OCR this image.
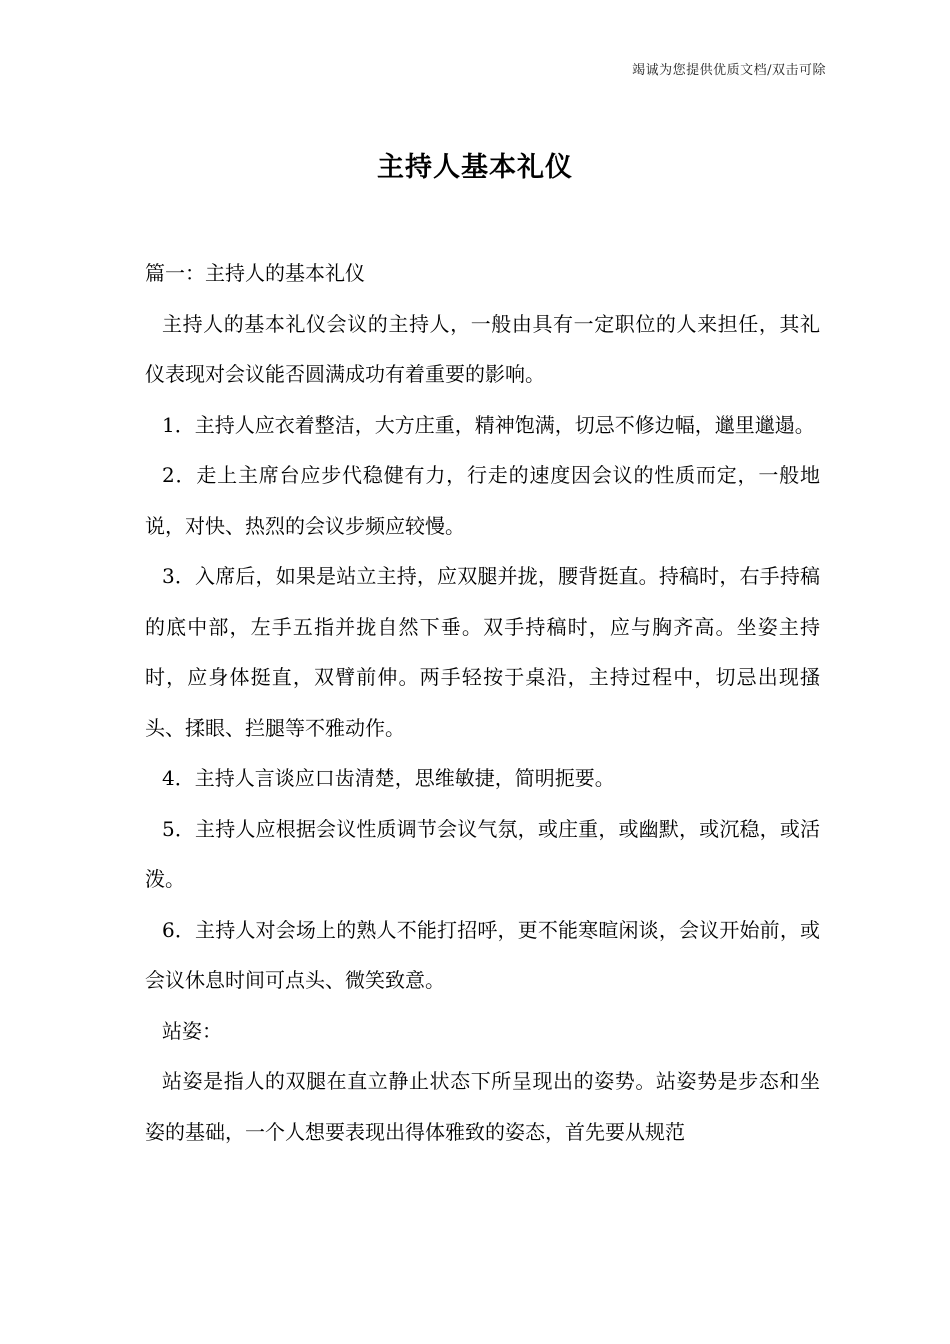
竭诚为您提供优质文档/双击可除
主持人基本礼仪

篇一：主持人的基本礼仪

主持人的基本礼仪会议的主持人，一般由具有一定职位的人来担任，其礼仪表现对会议能否圆满成功有着重要的影响。

1．主持人应衣着整洁，大方庄重，精神饱满，切忌不修边幅，邋里邋遢。

2．走上主席台应步代稳健有力，行走的速度因会议的性质而定，一般地说，对快、热烈的会议步频应较慢。

3．入席后，如果是站立主持，应双腿并拢，腰背挺直。持稿时，右手持稿的底中部，左手五指并拢自然下垂。双手持稿时，应与胸齐高。坐姿主持时，应身体挺直，双臂前伸。两手轻按于桌沿，主持过程中，切忌出现搔头、揉眼、拦腿等不雅动作。

4．主持人言谈应口齿清楚，思维敏捷，简明扼要。

5．主持人应根据会议性质调节会议气氛，或庄重，或幽默，或沉稳，或活泼。

6．主持人对会场上的熟人不能打招呼，更不能寒暄闲谈，会议开始前，或会议休息时间可点头、微笑致意。

站姿：

站姿是指人的双腿在直立静止状态下所呈现出的姿势。站姿势是步态和坐姿的基础，一个人想要表现出得体雅致的姿态，首先要从规范
